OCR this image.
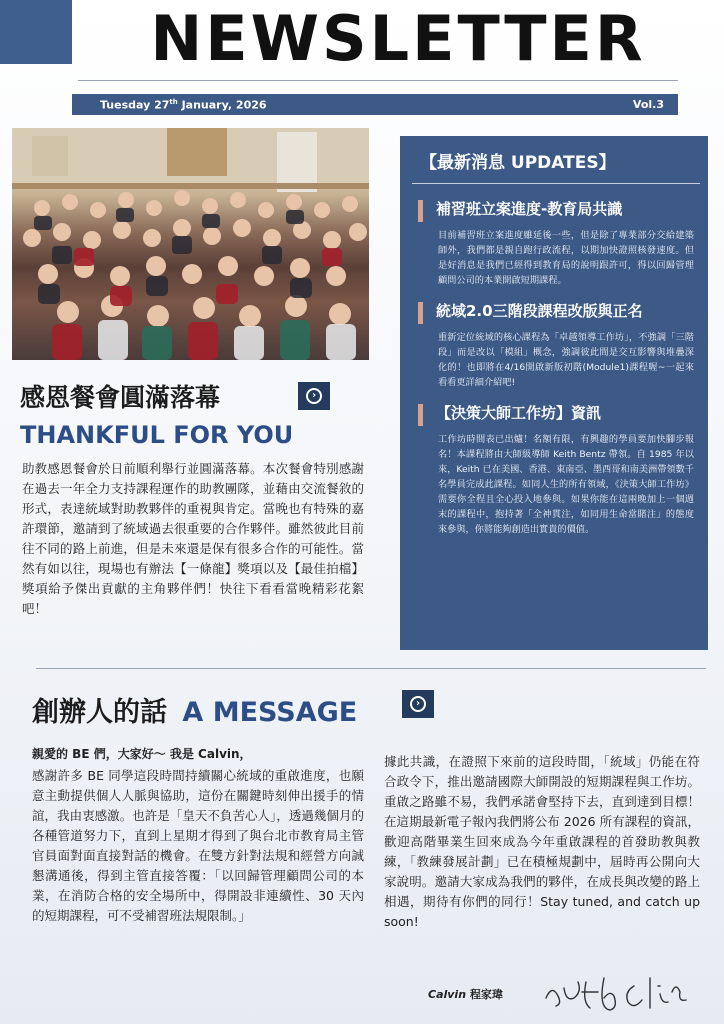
NEWSLETTER
Tuesday 27th January, 2026	Vol.3
感恩餐會圓滿落幕	›
THANKFUL FOR YOU
助教感恩餐會於日前順利舉行並圓滿落幕。本次餐會特別感謝在過去一年全力支持課程運作的助教團隊，並藉由交流餐敘的形式，表達統域對助教夥伴的重視與肯定。當晚也有特殊的嘉許環節，邀請到了統域過去很重要的合作夥伴。雖然彼此目前往不同的路上前進，但是未來還是保有很多合作的可能性。當然有如以往，現場也有辦法【一條龍】獎項以及【最佳拍檔】獎項給予傑出貢獻的主角夥伴們！快往下看看當晚精彩花絮吧！
【最新消息 UPDATES】
補習班立案進度-教育局共識
目前補習班立案進度雖延後一些，但是除了專業部分交給建築師外，我們都是親自跑行政流程，以期加快證照核發速度。但是好消息是我們已經得到教育局的說明跟許可，得以回歸管理顧問公司的本業開啟短期課程。
統域2.0三階段課程改版與正名
重新定位統域的核心課程為「卓越領導工作坊」，不強調「三階段」而是改以「模組」概念，強調彼此間是交互影響與堆疊深化的！也即將在4/16開啟新版初階(Module1)課程喔~一起來看看更詳細介紹吧!
【決策大師工作坊】資訊
工作坊時間表已出爐！名額有限，有興趣的學員要加快腳步報名！本課程將由大師級導師 Keith Bentz 帶領。自 1985 年以來，Keith 已在美國、香港、東南亞、墨西哥和南美洲帶領數千名學員完成此課程。如同人生的所有領域，《決策大師工作坊》需要你全程且全心投入地參與。如果你能在這兩晚加上一個週末的課程中，抱持著「全神貫注，如同用生命當賭注」的態度來參與，你將能夠創造出實貴的價值。
創辦人的話 A MESSAGE	›
親愛的 BE 們，大家好～ 我是 Calvin，
感謝許多 BE 同學這段時間持續關心統域的重啟進度，也願意主動提供個人人脈與協助，這份在關鍵時刻伸出援手的情誼，我由衷感激。也許是「皇天不負苦心人」，透過幾個月的各種管道努力下，直到上星期才得到了與台北市教育局主管官員面對面直接對話的機會。在雙方針對法規和經營方向誠懇溝通後，得到主管直接答覆：「以回歸管理顧問公司的本業，在消防合格的安全場所中，得開設非連續性、30 天內的短期課程，可不受補習班法規限制。」
據此共識，在證照下來前的這段時間，「統域」仍能在符合政令下，推出邀請國際大師開設的短期課程與工作坊。重啟之路雖不易，我們承諾會堅持下去，直到達到目標！在這期最新電子報內我們將公布 2026 所有課程的資訊，歡迎高階畢業生回來成為今年重啟課程的首發助教與教練，「教練發展計劃」已在積極規劃中，屆時再公開向大家說明。邀請大家成為我們的夥伴，在成長與改變的路上相遇，期待有你們的同行！Stay tuned, and catch up soon!
Calvin 程家瑋
